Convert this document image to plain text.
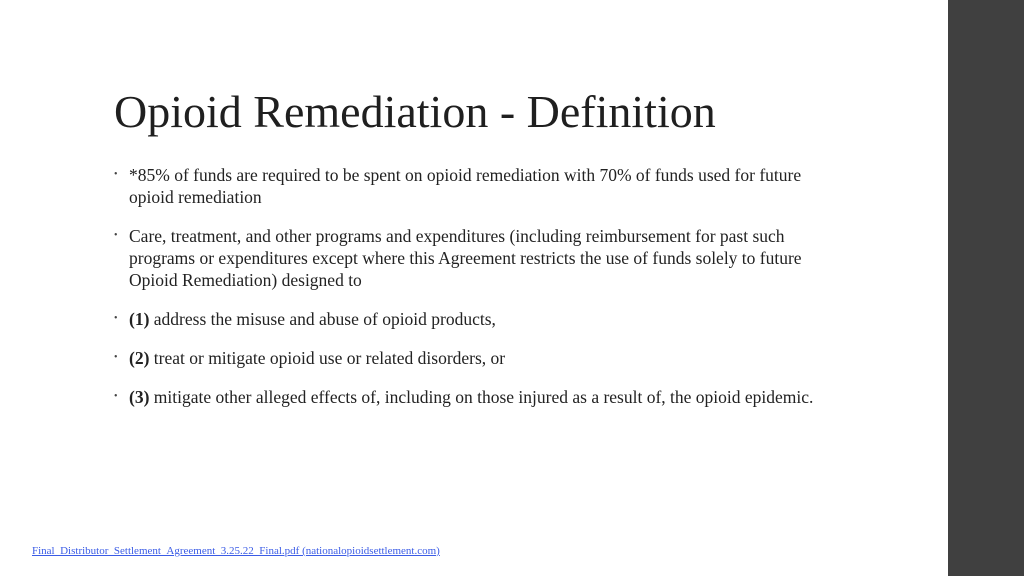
Opioid Remediation - Definition
• *85% of funds are required to be spent on opioid remediation with 70% of funds used for future opioid remediation
• Care, treatment, and other programs and expenditures (including reimbursement for past such programs or expenditures except where this Agreement restricts the use of funds solely to future Opioid Remediation) designed to
• (1) address the misuse and abuse of opioid products,
• (2) treat or mitigate opioid use or related disorders, or
• (3) mitigate other alleged effects of, including on those injured as a result of, the opioid epidemic.
Final_Distributor_Settlement_Agreement_3.25.22_Final.pdf (nationalopioidsettlement.com)
